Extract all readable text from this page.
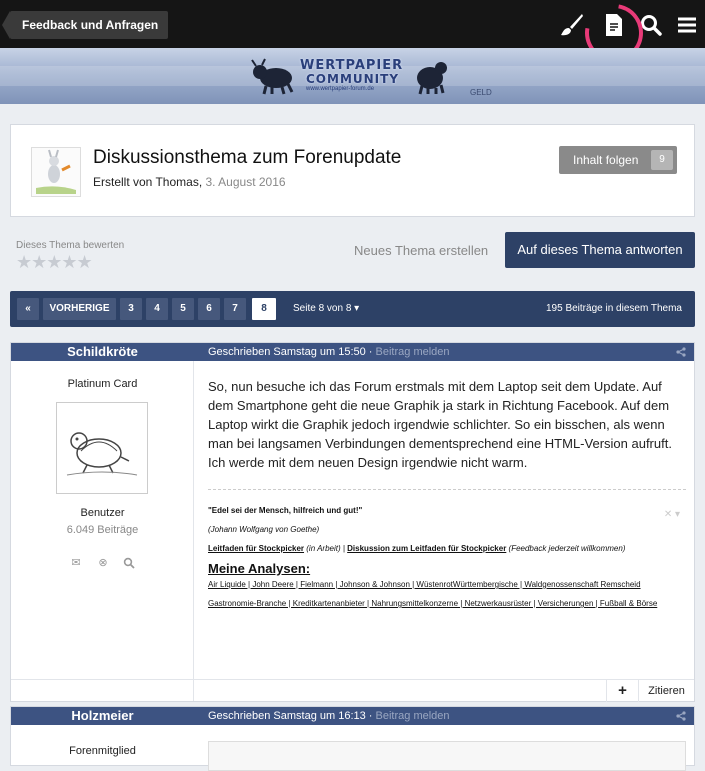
Feedback und Anfragen
WERTPAPIER
COMMUNITY
www.wertpapier-forum.de	GELD
Diskussionsthema zum Forenupdate
Erstellt von Thomas, 3. August 2016
Inhalt folgen	9
Dieses Thema bewerten
★★★★★
Neues Thema erstellen	Auf dieses Thema antworten
«	VORHERIGE	3	4	5	6	7	8	Seite 8 von 8 ▾	195 Beiträge in diesem Thema
Schildkröte	Geschrieben Samstag um 15:50 · Beitrag melden
Platinum Card
Benutzer
6.049 Beiträge
✉ ⊗
So, nun besuche ich das Forum erstmals mit dem Laptop seit dem Update. Auf dem Smartphone geht die neue Graphik ja stark in Richtung Facebook. Auf dem Laptop wirkt die Graphik jedoch irgendwie schlichter. So ein bisschen, als wenn man bei langsamen Verbindungen dementsprechend eine HTML-Version aufruft. Ich werde mit dem neuen Design irgendwie nicht warm.
✕ ▾

"Edel sei der Mensch, hilfreich und gut!"

(Johann Wolfgang von Goethe)

Leitfaden für Stockpicker (in Arbeit) | Diskussion zum Leitfaden für Stockpicker (Feedback jederzeit willkommen)

Meine Analysen:

Air Liquide | John Deere | Fielmann | Johnson & Johnson | WüstenrotWürttembergische | Waldgenossenschaft Remscheid

Gastronomie-Branche | Kreditkartenanbieter | Nahrungsmittelkonzerne | Netzwerkausrüster | Versicherungen | Fußball & Börse

+	Zitieren
Holzmeier	Geschrieben Samstag um 16:13 · Beitrag melden
Forenmitglied
